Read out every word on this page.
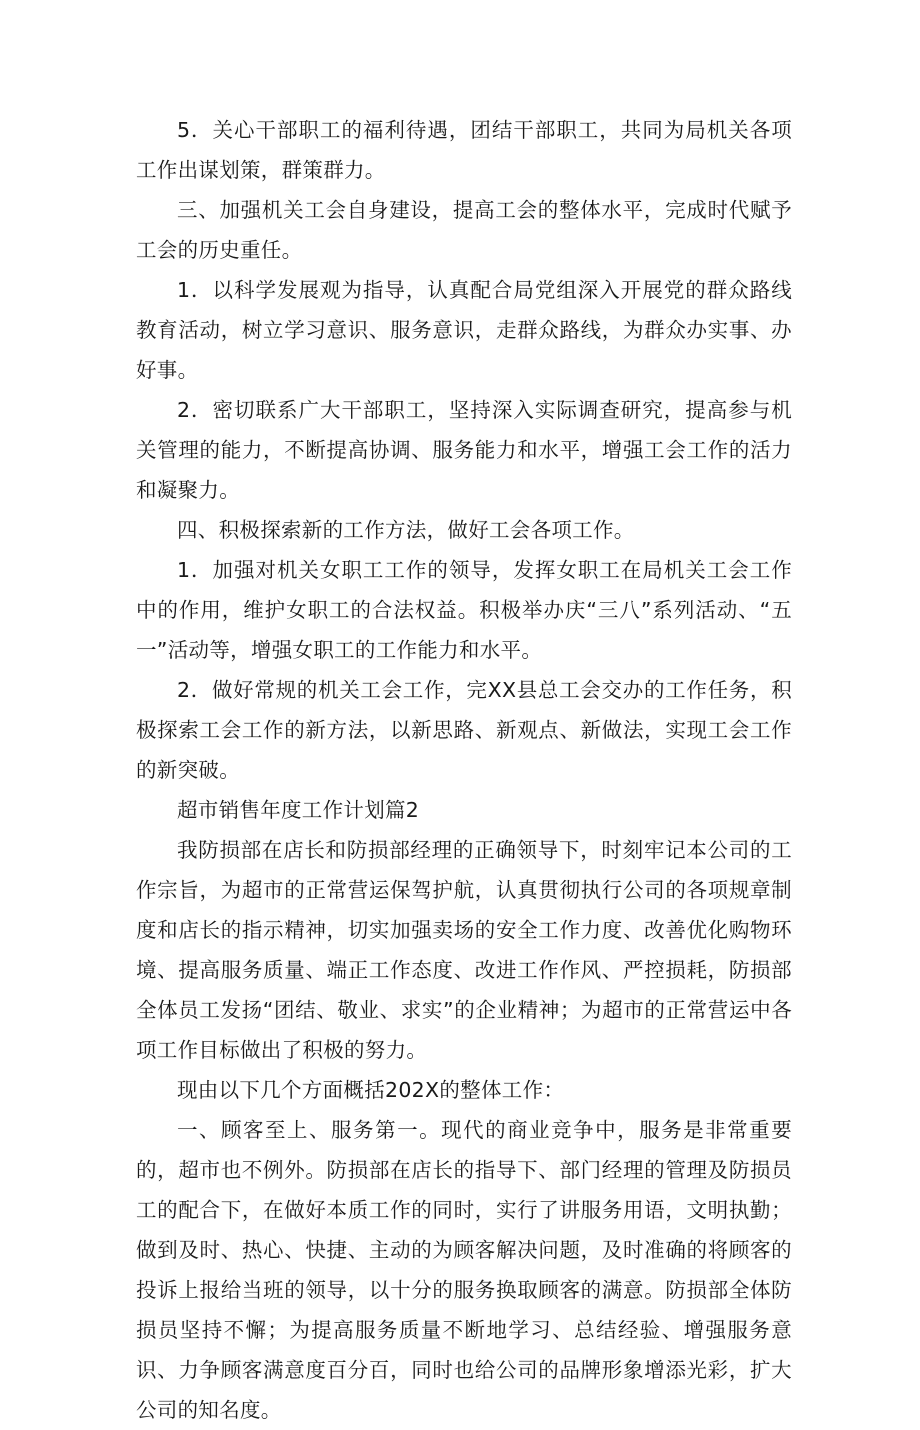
5．关心干部职工的福利待遇，团结干部职工，共同为局机关各项工作出谋划策，群策群力。

三、加强机关工会自身建设，提高工会的整体水平，完成时代赋予工会的历史重任。

1．以科学发展观为指导，认真配合局党组深入开展党的群众路线教育活动，树立学习意识、服务意识，走群众路线，为群众办实事、办好事。

2．密切联系广大干部职工，坚持深入实际调查研究，提高参与机关管理的能力，不断提高协调、服务能力和水平，增强工会工作的活力和凝聚力。

四、积极探索新的工作方法，做好工会各项工作。

1．加强对机关女职工工作的领导，发挥女职工在局机关工会工作中的作用，维护女职工的合法权益。积极举办庆“三八”系列活动、“五一”活动等，增强女职工的工作能力和水平。

2．做好常规的机关工会工作，完XX县总工会交办的工作任务，积极探索工会工作的新方法，以新思路、新观点、新做法，实现工会工作的新突破。

超市销售年度工作计划篇2

我防损部在店长和防损部经理的正确领导下，时刻牢记本公司的工作宗旨，为超市的正常营运保驾护航，认真贯彻执行公司的各项规章制度和店长的指示精神，切实加强卖场的安全工作力度、改善优化购物环境、提高服务质量、端正工作态度、改进工作作风、严控损耗，防损部全体员工发扬“团结、敬业、求实”的企业精神；为超市的正常营运中各项工作目标做出了积极的努力。

现由以下几个方面概括202X的整体工作：

一、顾客至上、服务第一。现代的商业竞争中，服务是非常重要的，超市也不例外。防损部在店长的指导下、部门经理的管理及防损员工的配合下，在做好本质工作的同时，实行了讲服务用语，文明执勤；做到及时、热心、快捷、主动的为顾客解决问题，及时准确的将顾客的投诉上报给当班的领导，以十分的服务换取顾客的满意。防损部全体防损员坚持不懈；为提高服务质量不断地学习、总结经验、增强服务意识、力争顾客满意度百分百，同时也给公司的品牌形象增添光彩，扩大公司的知名度。
